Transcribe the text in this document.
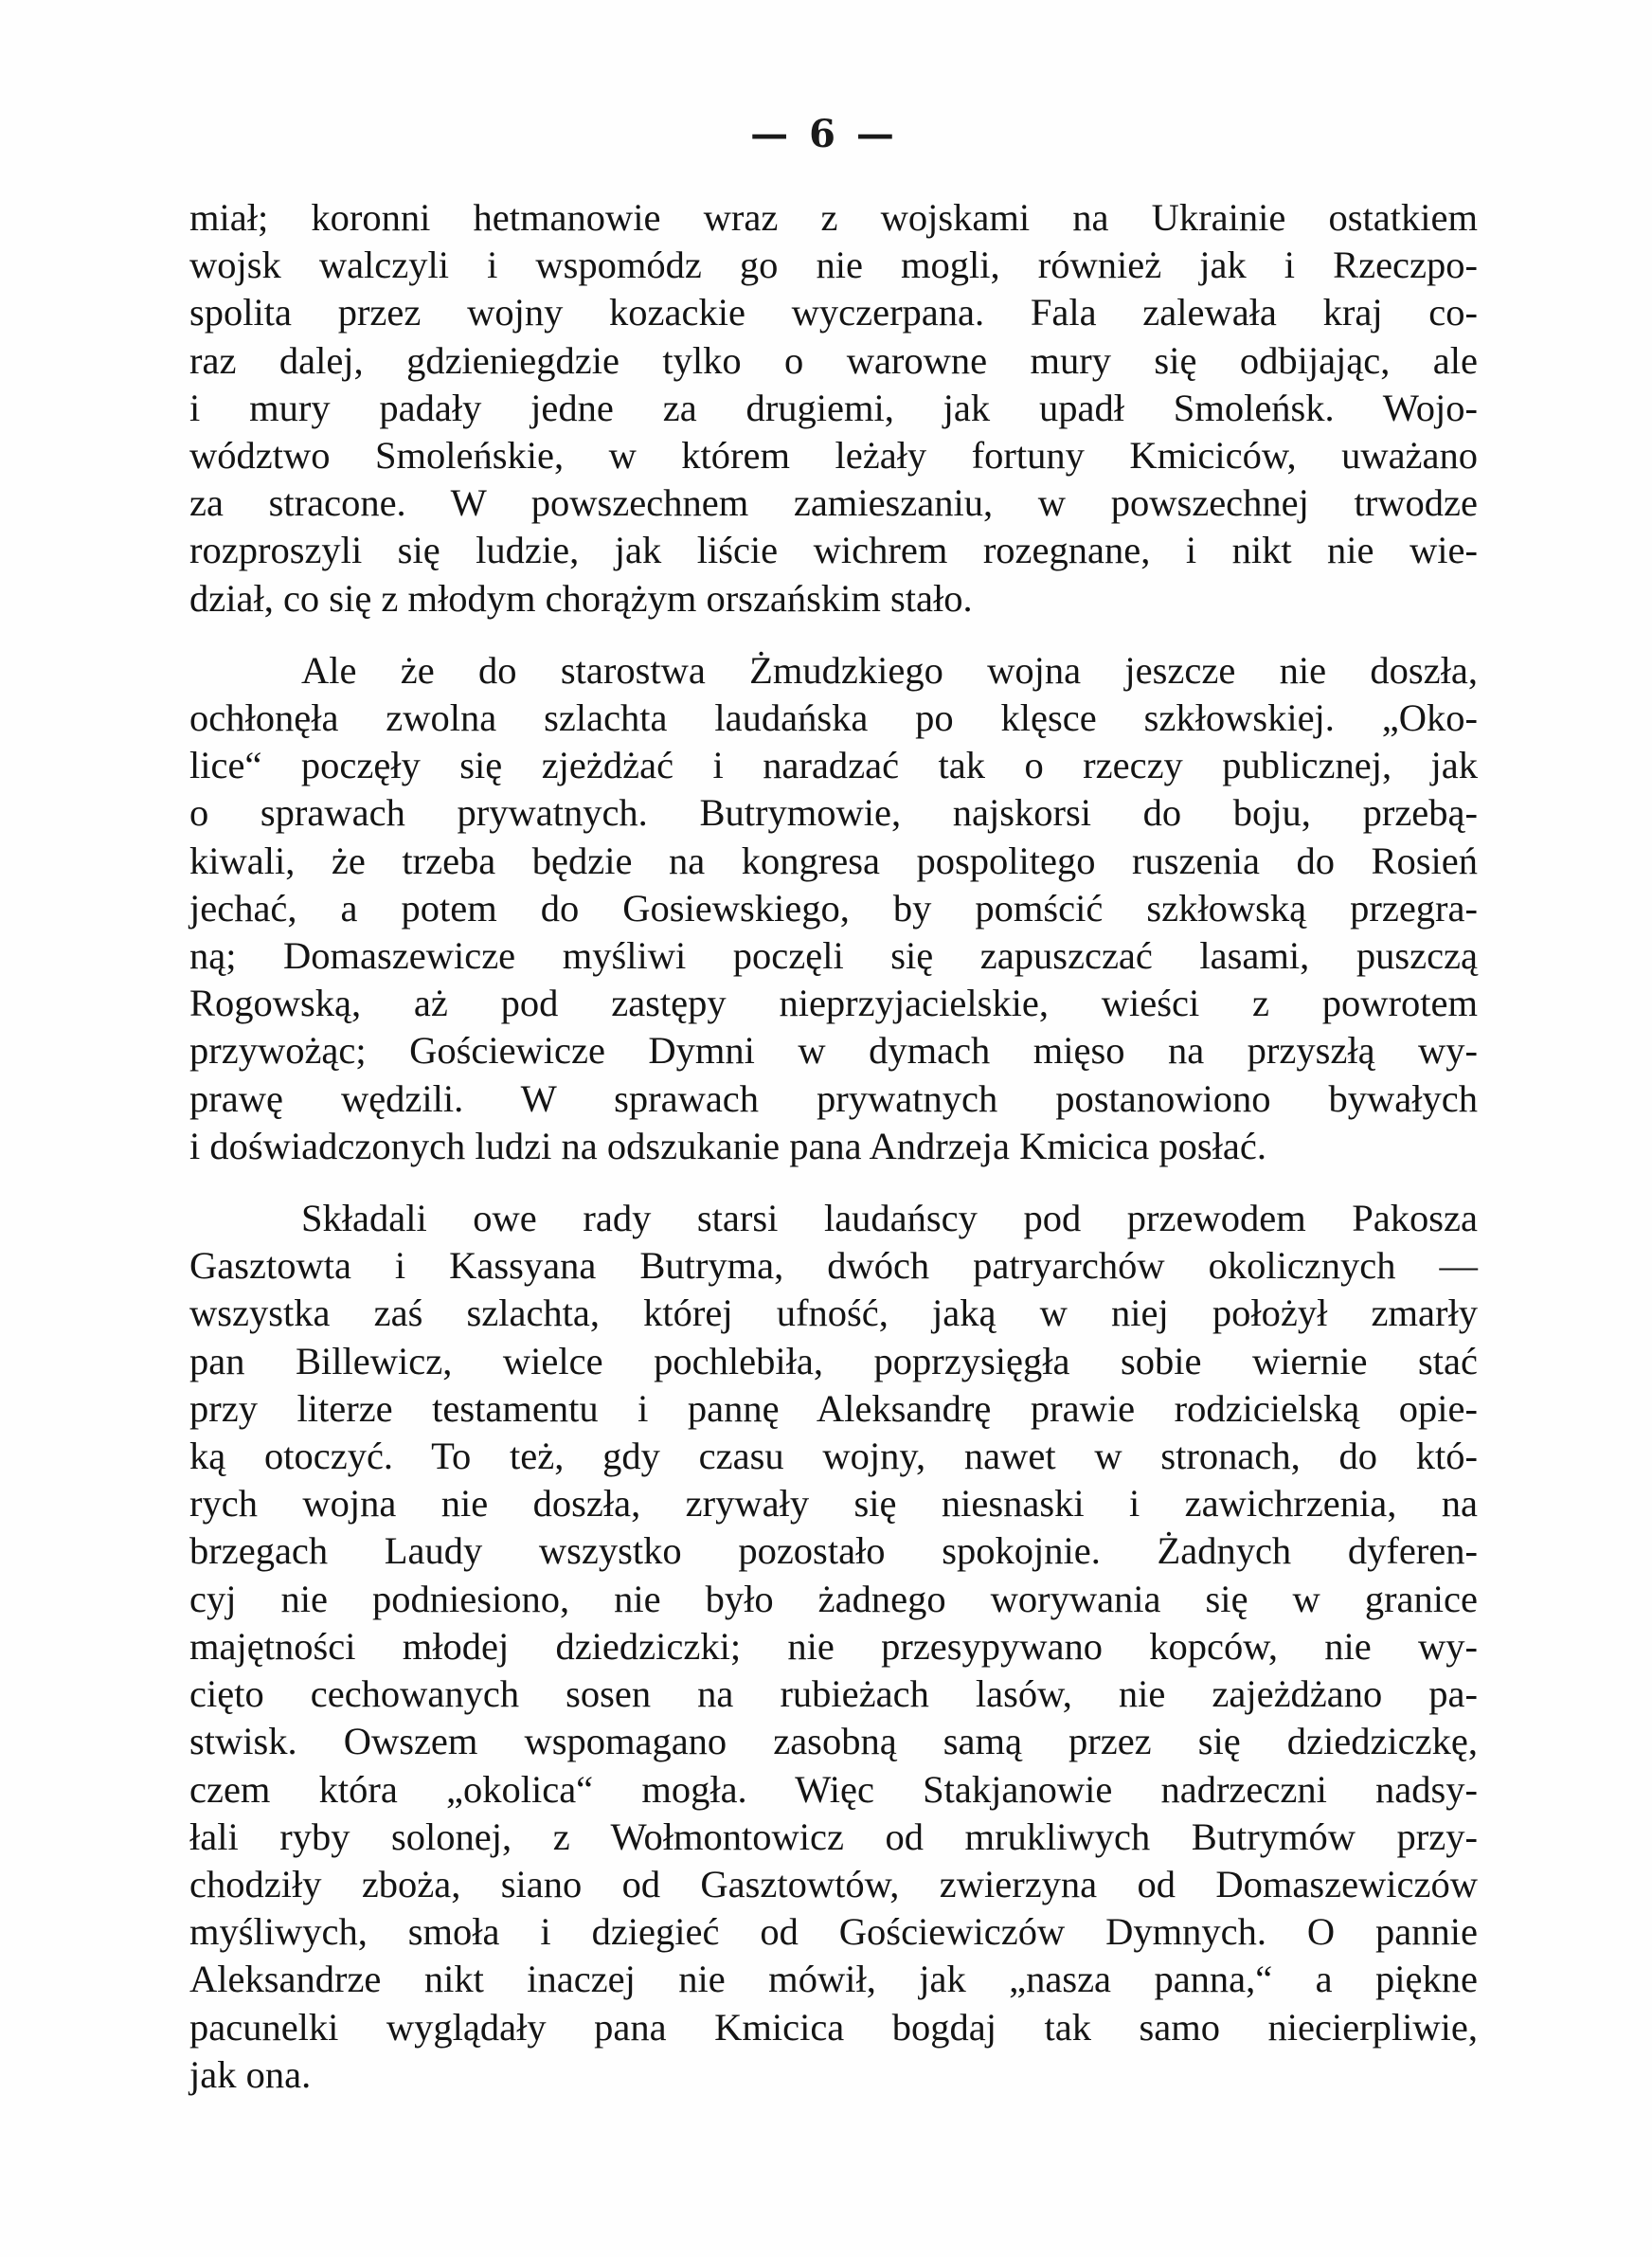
— 6 —

miał; koronni hetmanowie wraz z wojskami na Ukrainie ostatkiem
wojsk walczyli i wspomódz go nie mogli, również jak i Rzeczpo-
spolita przez wojny kozackie wyczerpana. Fala zalewała kraj co-
raz dalej, gdzieniegdzie tylko o warowne mury się odbijając, ale
i mury padały jedne za drugiemi, jak upadł Smoleńsk. Wojo-
wództwo Smoleńskie, w którem leżały fortuny Kmiciców, uważano
za stracone. W powszechnem zamieszaniu, w powszechnej trwodze
rozproszyli się ludzie, jak liście wichrem rozegnane, i nikt nie wie-
dział, co się z młodym chorążym orszańskim stało.

Ale że do starostwa Żmudzkiego wojna jeszcze nie doszła,
ochłonęła zwolna szlachta laudańska po klęsce szkłowskiej. „Oko-
lice“ poczęły się zjeżdżać i naradzać tak o rzeczy publicznej, jak
o sprawach prywatnych. Butrymowie, najskorsi do boju, przebą-
kiwali, że trzeba będzie na kongresa pospolitego ruszenia do Rosień
jechać, a potem do Gosiewskiego, by pomścić szkłowską przegra-
ną; Domaszewicze myśliwi poczęli się zapuszczać lasami, puszczą
Rogowską, aż pod zastępy nieprzyjacielskie, wieści z powrotem
przywożąc; Gościewicze Dymni w dymach mięso na przyszłą wy-
prawę wędzili. W sprawach prywatnych postanowiono bywałych
i doświadczonych ludzi na odszukanie pana Andrzeja Kmicica posłać.

Składali owe rady starsi laudańscy pod przewodem Pakosza
Gasztowta i Kassyana Butryma, dwóch patryarchów okolicznych —
wszystka zaś szlachta, której ufność, jaką w niej położył zmarły
pan Billewicz, wielce pochlebiła, poprzysięgła sobie wiernie stać
przy literze testamentu i pannę Aleksandrę prawie rodzicielską opie-
ką otoczyć. To też, gdy czasu wojny, nawet w stronach, do któ-
rych wojna nie doszła, zrywały się niesnaski i zawichrzenia, na
brzegach Laudy wszystko pozostało spokojnie. Żadnych dyferen-
cyj nie podniesiono, nie było żadnego worywania się w granice
majętności młodej dziedziczki; nie przesypywano kopców, nie wy-
cięto cechowanych sosen na rubieżach lasów, nie zajeżdżano pa-
stwisk. Owszem wspomagano zasobną samą przez się dziedziczkę,
czem która „okolica“ mogła. Więc Stakjanowie nadrzeczni nadsy-
łali ryby solonej, z Wołmontowicz od mrukliwych Butrymów przy-
chodziły zboża, siano od Gasztowtów, zwierzyna od Domaszewiczów
myśliwych, smoła i dziegieć od Gościewiczów Dymnych. O pannie
Aleksandrze nikt inaczej nie mówił, jak „nasza panna,“ a piękne
pacunelki wyglądały pana Kmicica bogdaj tak samo niecierpliwie,
jak ona.
